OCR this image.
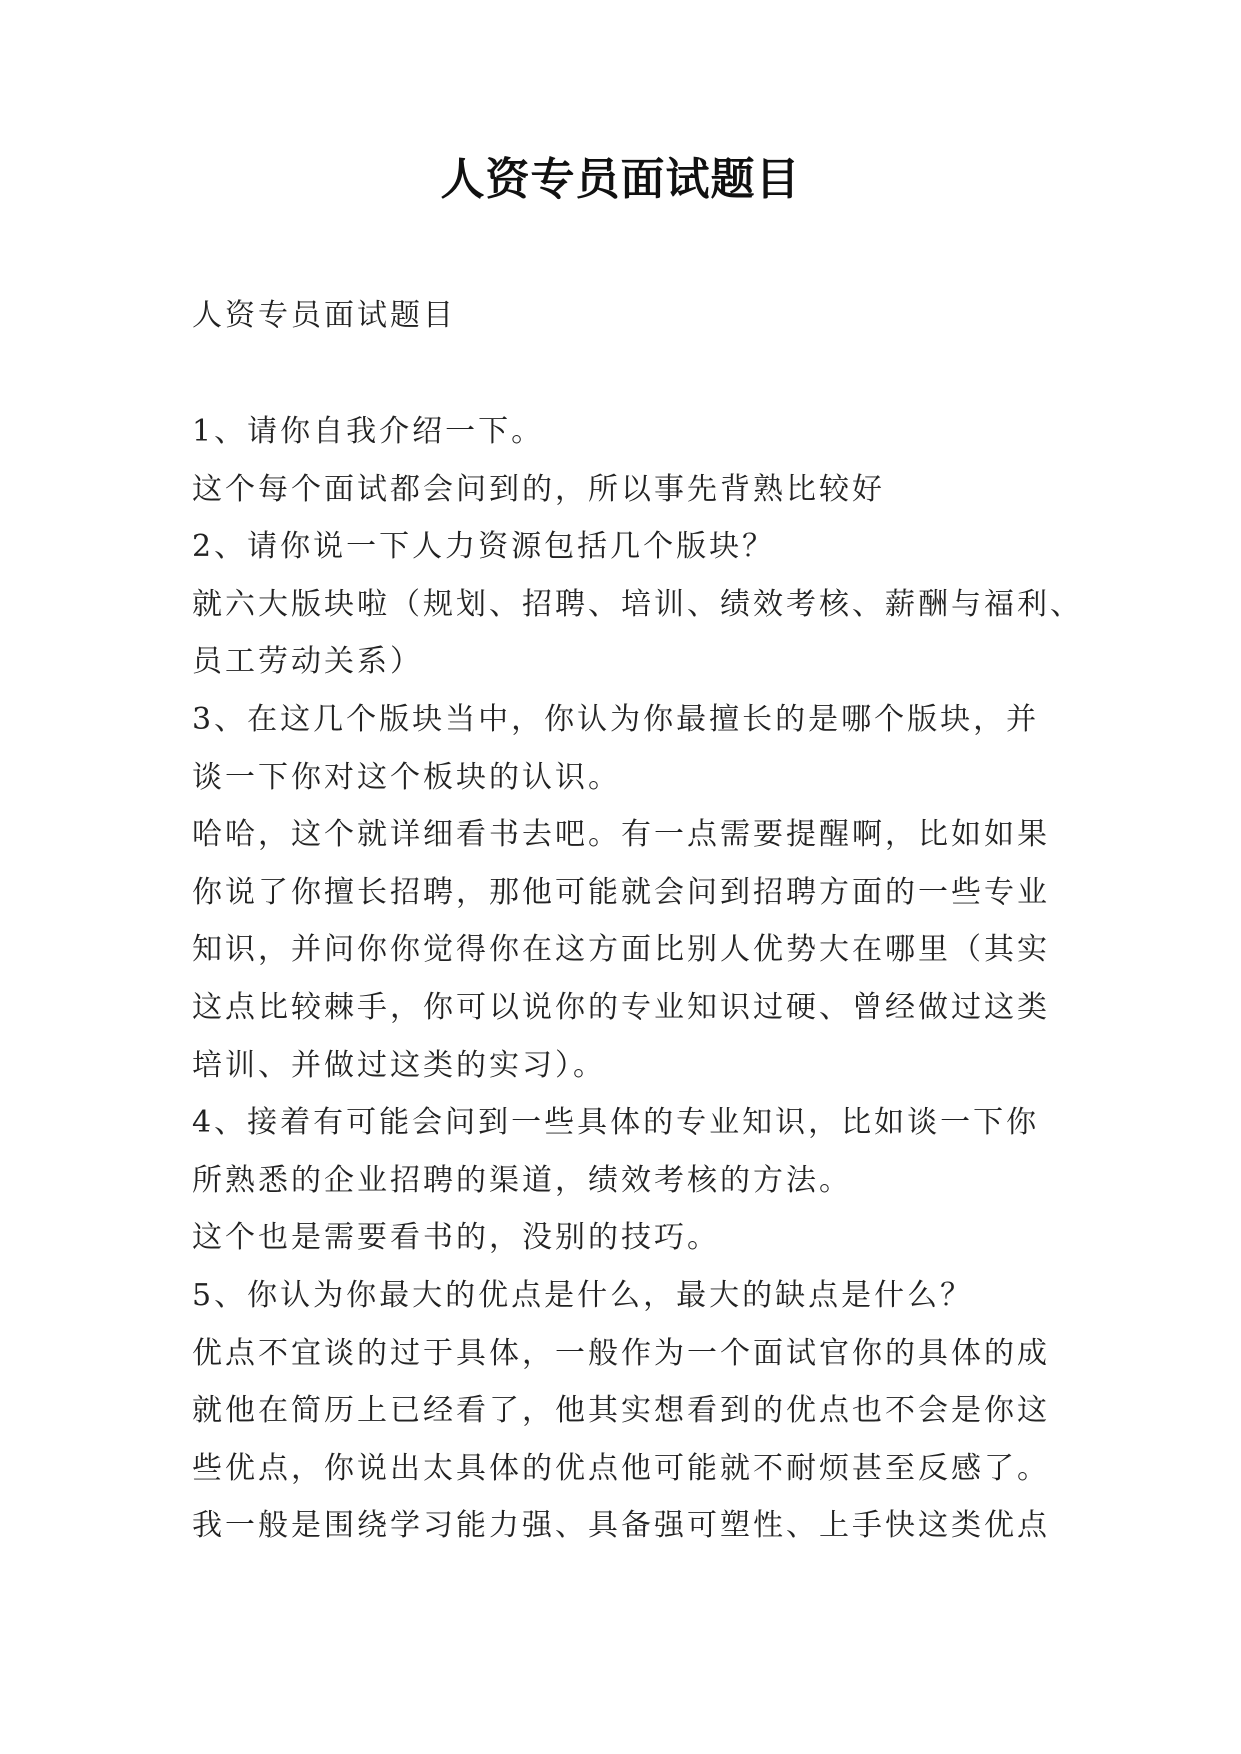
人资专员面试题目

人资专员面试题目

1、请你自我介绍一下。
这个每个面试都会问到的，所以事先背熟比较好
2、请你说一下人力资源包括几个版块？
就六大版块啦（规划、招聘、培训、绩效考核、薪酬与福利、
员工劳动关系）
3、在这几个版块当中，你认为你最擅长的是哪个版块，并
谈一下你对这个板块的认识。
哈哈，这个就详细看书去吧。有一点需要提醒啊，比如如果
你说了你擅长招聘，那他可能就会问到招聘方面的一些专业
知识，并问你你觉得你在这方面比别人优势大在哪里（其实
这点比较棘手，你可以说你的专业知识过硬、曾经做过这类
培训、并做过这类的实习）。
4、接着有可能会问到一些具体的专业知识，比如谈一下你
所熟悉的企业招聘的渠道，绩效考核的方法。
这个也是需要看书的，没别的技巧。
5、你认为你最大的优点是什么，最大的缺点是什么？
优点不宜谈的过于具体，一般作为一个面试官你的具体的成
就他在简历上已经看了，他其实想看到的优点也不会是你这
些优点，你说出太具体的优点他可能就不耐烦甚至反感了。
我一般是围绕学习能力强、具备强可塑性、上手快这类优点
